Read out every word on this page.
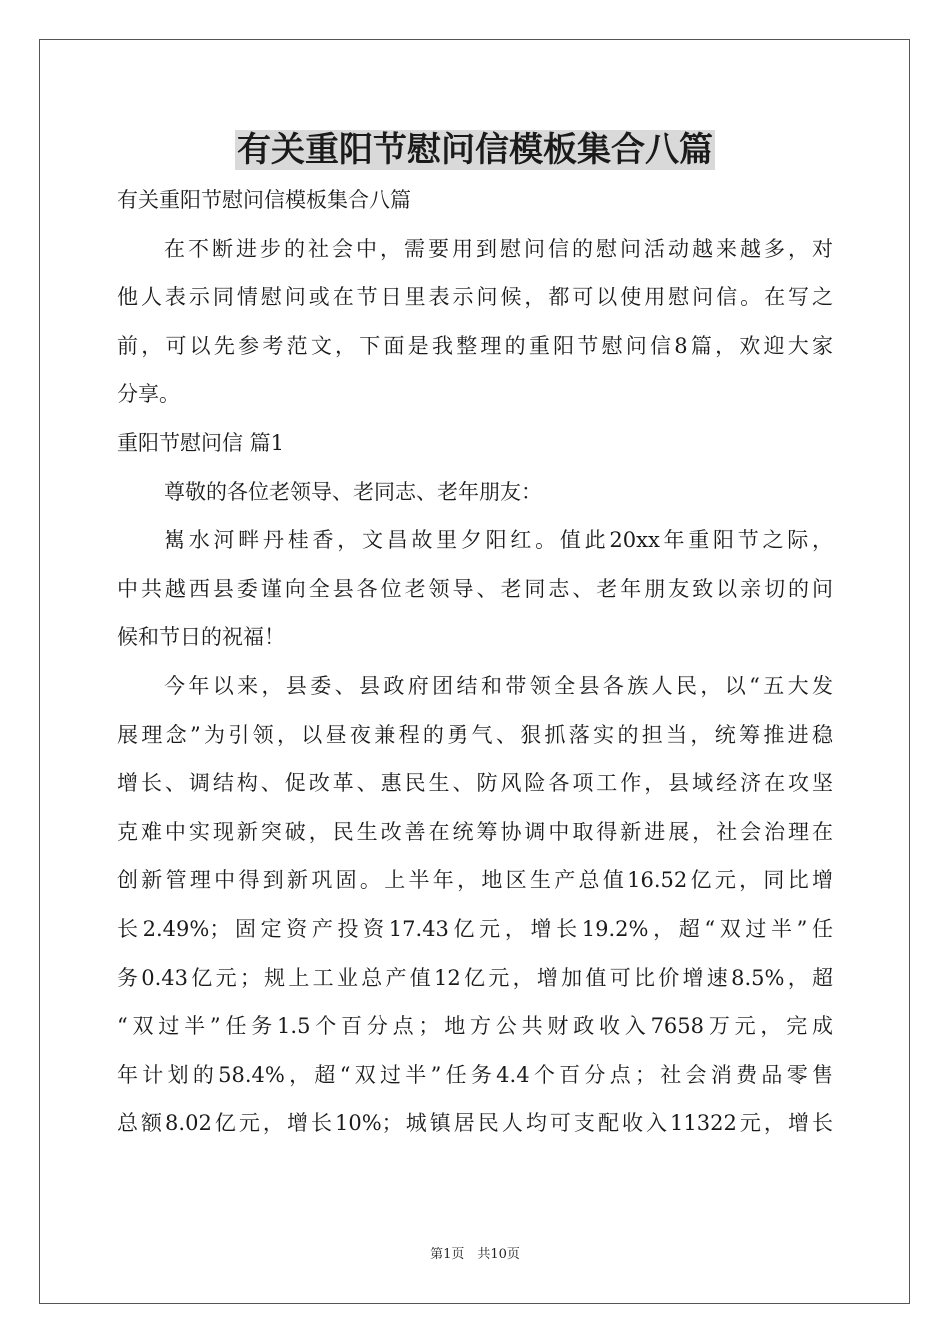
有关重阳节慰问信模板集合八篇

有关重阳节慰问信模板集合八篇

在不断进步的社会中，需要用到慰问信的慰问活动越来越多，对

他人表示同情慰问或在节日里表示问候，都可以使用慰问信。在写之

前，可以先参考范文，下面是我整理的重阳节慰问信8篇，欢迎大家

分享。

重阳节慰问信 篇1

尊敬的各位老领导、老同志、老年朋友：

嶲水河畔丹桂香，文昌故里夕阳红。值此20xx年重阳节之际，

中共越西县委谨向全县各位老领导、老同志、老年朋友致以亲切的问

候和节日的祝福！

今年以来，县委、县政府团结和带领全县各族人民，以“五大发

展理念”为引领，以昼夜兼程的勇气、狠抓落实的担当，统筹推进稳

增长、调结构、促改革、惠民生、防风险各项工作，县域经济在攻坚

克难中实现新突破，民生改善在统筹协调中取得新进展，社会治理在

创新管理中得到新巩固。上半年，地区生产总值16.52亿元，同比增

长2.49%；固定资产投资17.43亿元，增长19.2%，超“双过半”任

务0.43亿元；规上工业总产值12亿元，增加值可比价增速8.5%，超

“双过半”任务1.5个百分点；地方公共财政收入7658万元，完成

年计划的58.4%，超“双过半”任务4.4个百分点；社会消费品零售

总额8.02亿元，增长10%；城镇居民人均可支配收入11322元，增长

第1页　共10页
